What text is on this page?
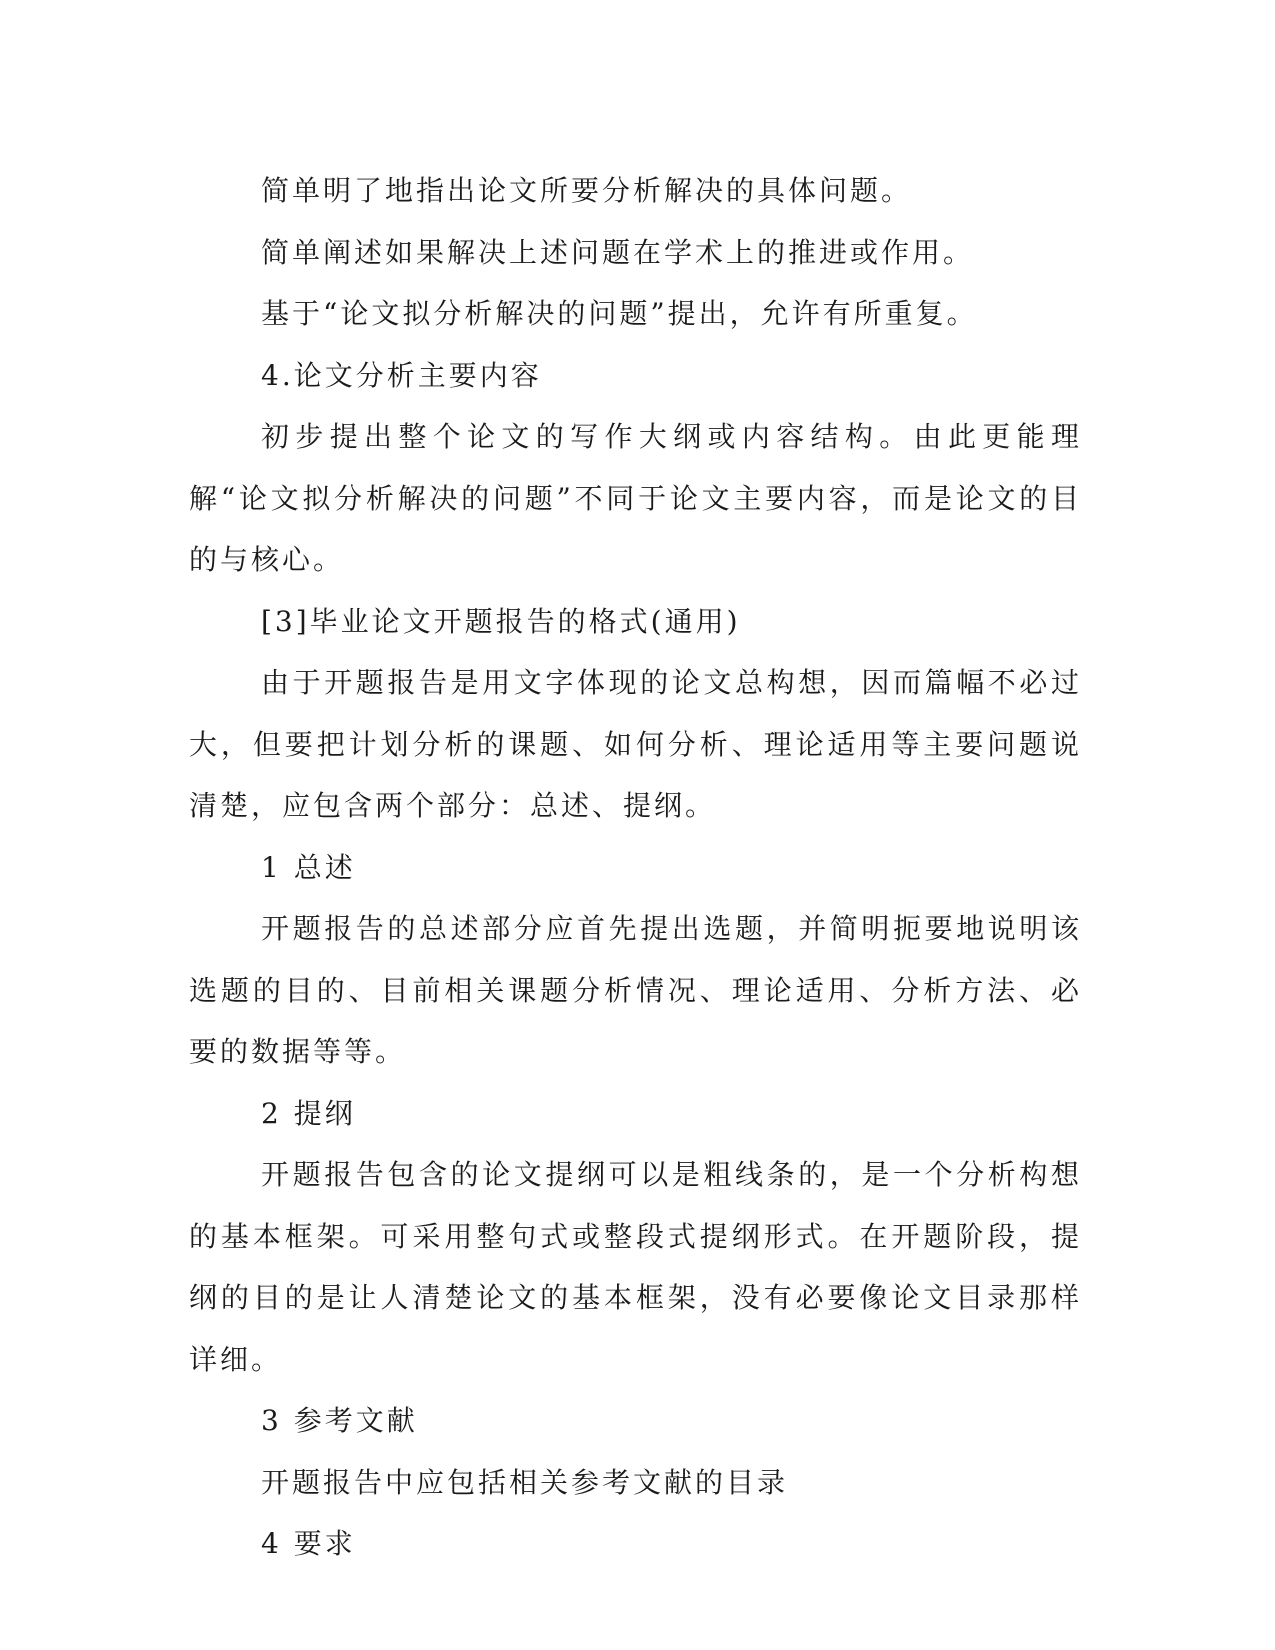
简单明了地指出论文所要分析解决的具体问题。

简单阐述如果解决上述问题在学术上的推进或作用。

基于“论文拟分析解决的问题”提出，允许有所重复。

4.论文分析主要内容

初步提出整个论文的写作大纲或内容结构。由此更能理解“论文拟分析解决的问题”不同于论文主要内容，而是论文的目的与核心。

[3]毕业论文开题报告的格式(通用)

由于开题报告是用文字体现的论文总构想，因而篇幅不必过大，但要把计划分析的课题、如何分析、理论适用等主要问题说清楚，应包含两个部分：总述、提纲。

1 总述

开题报告的总述部分应首先提出选题，并简明扼要地说明该选题的目的、目前相关课题分析情况、理论适用、分析方法、必要的数据等等。

2 提纲

开题报告包含的论文提纲可以是粗线条的，是一个分析构想的基本框架。可采用整句式或整段式提纲形式。在开题阶段，提纲的目的是让人清楚论文的基本框架，没有必要像论文目录那样详细。

3 参考文献

开题报告中应包括相关参考文献的目录

4 要求
